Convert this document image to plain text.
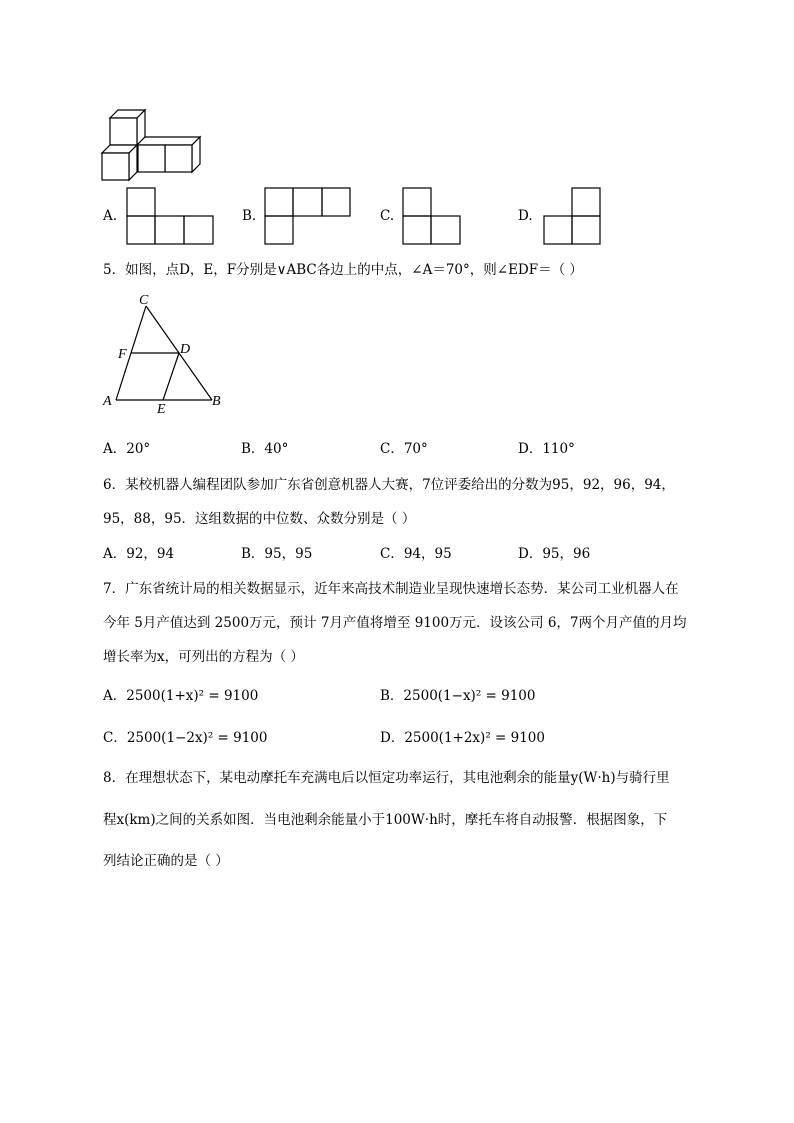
A.	B.	C.	D.
5．如图，点D，E，F分别是∨ABC各边上的中点，∠A＝70°，则∠EDF＝（ ）
C
F	D
A
E
B
A．20°	B．40°	C．70°	D．110°
6．某校机器人编程团队参加广东省创意机器人大赛，7位评委给出的分数为95，92，96，94，
95，88，95．这组数据的中位数、众数分别是（ ）
A．92，94	B．95，95	C．94，95	D．95，96
7．广东省统计局的相关数据显示，近年来高技术制造业呈现快速增长态势．某公司工业机器人在
今年 5月产值达到 2500万元，预计 7月产值将增至 9100万元．设该公司 6，7两个月产值的月均
增长率为x，可列出的方程为（ ）
A．2500(1+x)² = 9100	B．2500(1−x)² = 9100
C．2500(1−2x)² = 9100	D．2500(1+2x)² = 9100
8．在理想状态下，某电动摩托车充满电后以恒定功率运行，其电池剩余的能量y(W·h)与骑行里
程x(km)之间的关系如图．当电池剩余能量小于100W·h时，摩托车将自动报警．根据图象，下
列结论正确的是（ ）
